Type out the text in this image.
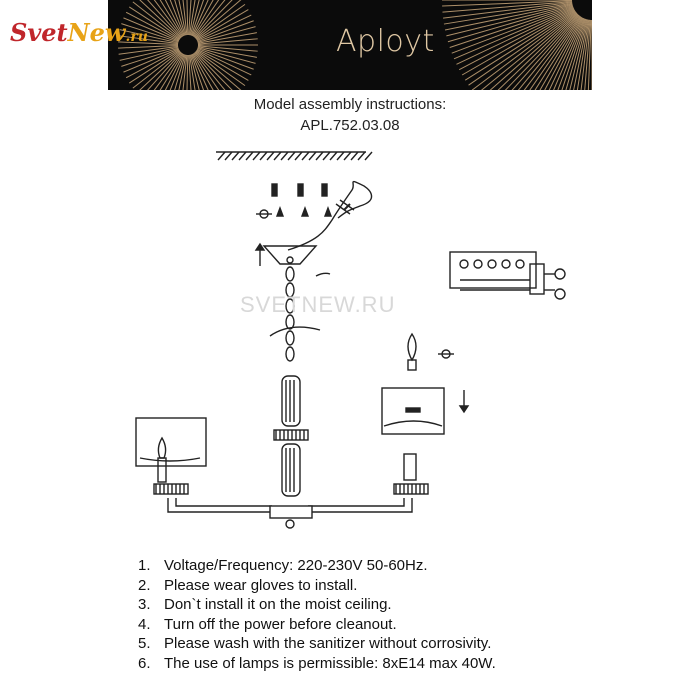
SvetNew.ru	Aployt
Model assembly instructions:
APL.752.03.08
SVETNEW.RU
1. Voltage/Frequency: 220-230V 50-60Hz.
2. Please wear gloves to install.
3. Don`t install it on the moist ceiling.
4. Turn off the power before cleanout.
5. Please wash with the sanitizer without corrosivity.
6. The use of lamps is permissible: 8xE14 max 40W.
